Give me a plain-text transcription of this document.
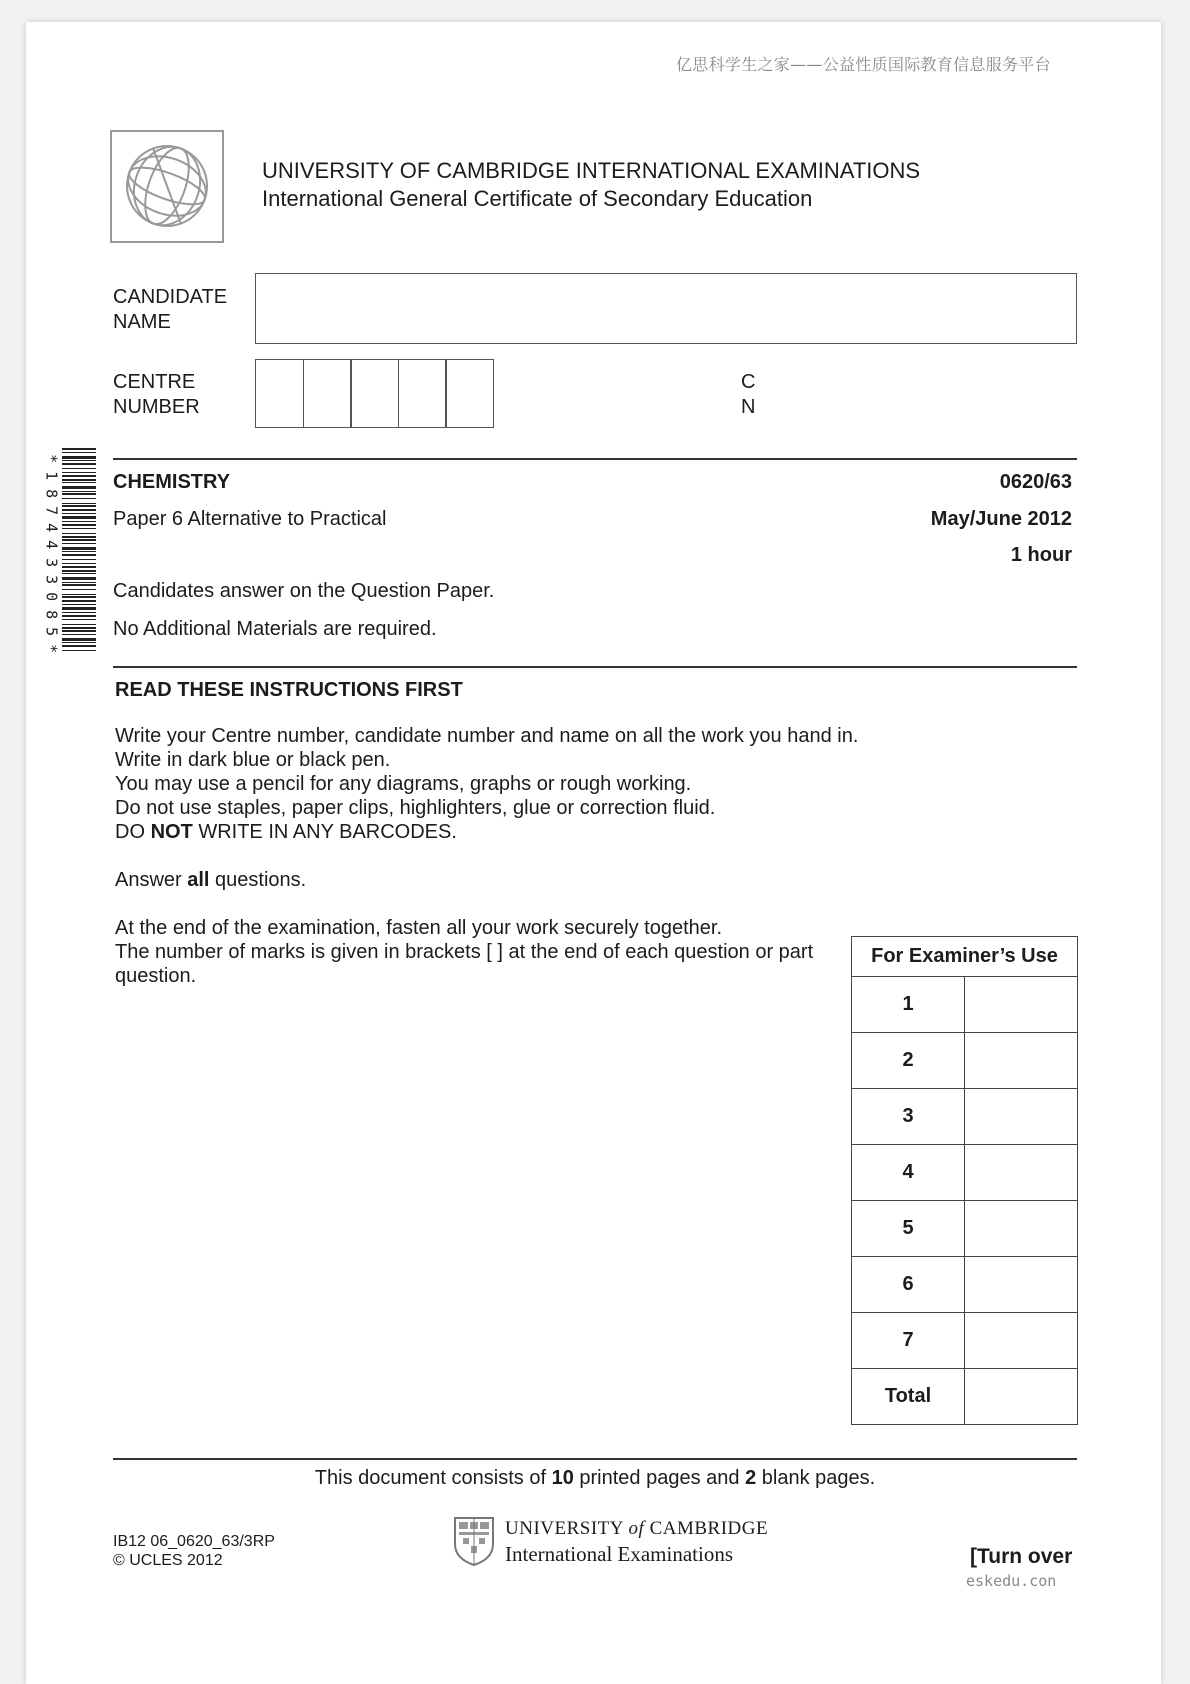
亿思科学生之家——公益性质国际教育信息服务平台
UNIVERSITY OF CAMBRIDGE INTERNATIONAL EXAMINATIONS
International General Certificate of Secondary Education
CANDIDATE
NAME
CENTRE
NUMBER
C
N
*
1
8
7
4
4
3
3
0
8
5
*
CHEMISTRY	0620/63
Paper 6 Alternative to Practical	May/June 2012
1 hour
Candidates answer on the Question Paper.
No Additional Materials are required.
READ THESE INSTRUCTIONS FIRST

Write your Centre number, candidate number and name on all the work you hand in.

Write in dark blue or black pen.

You may use a pencil for any diagrams, graphs or rough working.

Do not use staples, paper clips, highlighters, glue or correction fluid.

DO NOT WRITE IN ANY BARCODES.

Answer all questions.

At the end of the examination, fasten all your work securely together.

The number of marks is given in brackets [ ] at the end of each question or part

question.

For Examiner’s Use	
1	
2	
3	
4	
5	
6	
7	
Total	
This document consists of 10 printed pages and 2 blank pages.
IB12 06_0620_63/3RP
© UCLES 2012
UNIVERSITY of CAMBRIDGE
International Examinations	[Turn over
eskedu.con
